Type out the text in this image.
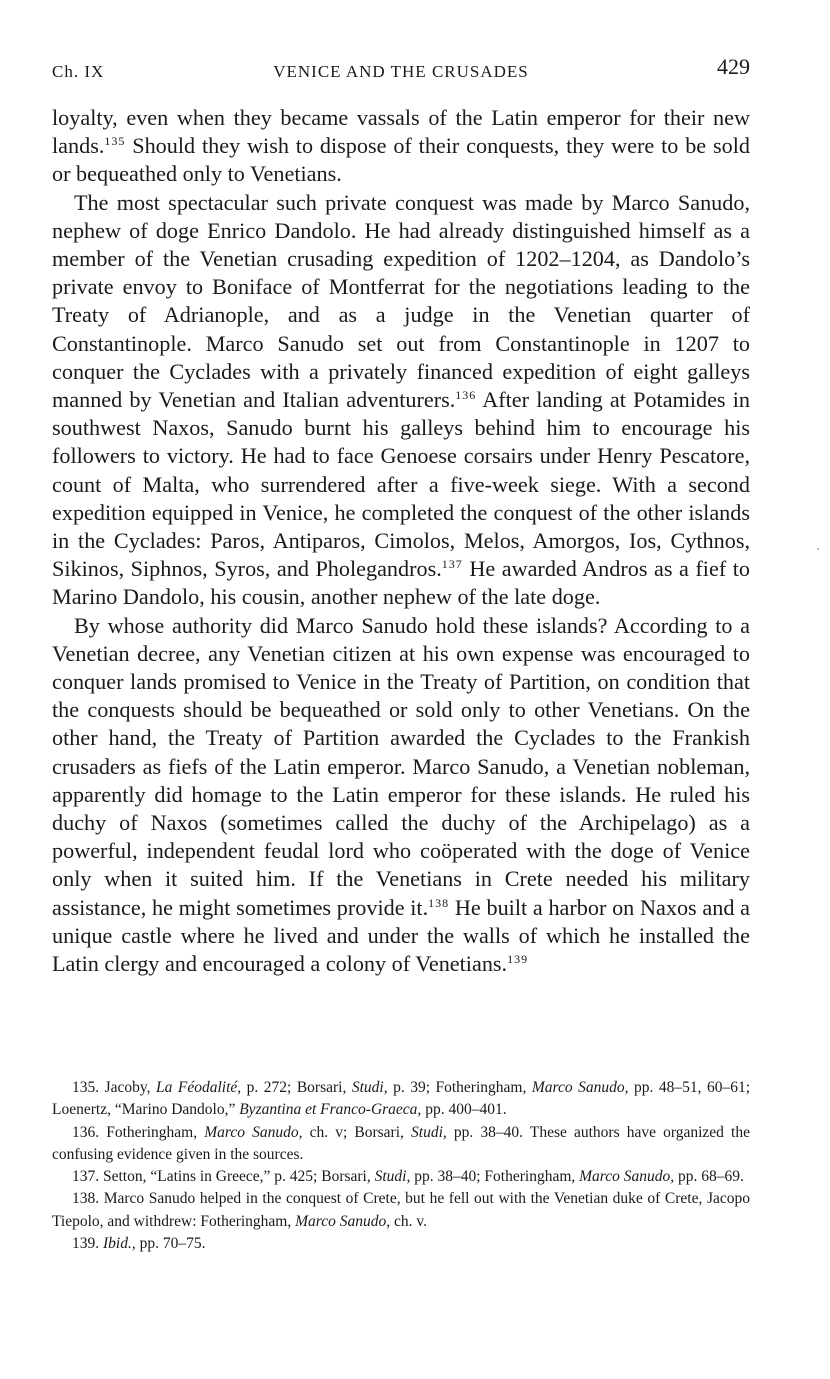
Ch. IX	VENICE AND THE CRUSADES	429

loyalty, even when they became vassals of the Latin emperor for their new lands.$^{135}$ Should they wish to dispose of their conquests, they were to be sold or bequeathed only to Venetians.

The most spectacular such private conquest was made by Marco Sanudo, nephew of doge Enrico Dandolo. He had already distinguished himself as a member of the Venetian crusading expedition of 1202–1204, as Dandolo’s private envoy to Boniface of Montferrat for the negotiations leading to the Treaty of Adrianople, and as a judge in the Venetian quarter of Constantinople. Marco Sanudo set out from Constantinople in 1207 to conquer the Cyclades with a privately financed expedition of eight galleys manned by Venetian and Italian adventurers.$^{136}$ After landing at Potamides in southwest Naxos, Sanudo burnt his galleys behind him to encourage his followers to victory. He had to face Genoese corsairs under Henry Pescatore, count of Malta, who surrendered after a five-week siege. With a second expedition equipped in Venice, he completed the conquest of the other islands in the Cyclades: Paros, Antiparos, Cimolos, Melos, Amorgos, Ios, Cythnos, Sikinos, Siphnos, Syros, and Pholegandros.$^{137}$ He awarded Andros as a fief to Marino Dandolo, his cousin, another nephew of the late doge.

By whose authority did Marco Sanudo hold these islands? According to a Venetian decree, any Venetian citizen at his own expense was encouraged to conquer lands promised to Venice in the Treaty of Partition, on condition that the conquests should be bequeathed or sold only to other Venetians. On the other hand, the Treaty of Partition awarded the Cyclades to the Frankish crusaders as fiefs of the Latin emperor. Marco Sanudo, a Venetian nobleman, apparently did homage to the Latin emperor for these islands. He ruled his duchy of Naxos (sometimes called the duchy of the Archipelago) as a powerful, independent feudal lord who coöperated with the doge of Venice only when it suited him. If the Venetians in Crete needed his military assistance, he might sometimes provide it.$^{138}$ He built a harbor on Naxos and a unique castle where he lived and under the walls of which he installed the Latin clergy and encouraged a colony of Venetians.$^{139}$

135. Jacoby, La Féodalité, p. 272; Borsari, Studi, p. 39; Fotheringham, Marco Sanudo, pp. 48–51, 60–61; Loenertz, “Marino Dandolo,” Byzantina et Franco-Graeca, pp. 400–401.
136. Fotheringham, Marco Sanudo, ch. v; Borsari, Studi, pp. 38–40. These authors have organized the confusing evidence given in the sources.
137. Setton, “Latins in Greece,” p. 425; Borsari, Studi, pp. 38–40; Fotheringham, Marco Sanudo, pp. 68–69.
138. Marco Sanudo helped in the conquest of Crete, but he fell out with the Venetian duke of Crete, Jacopo Tiepolo, and withdrew: Fotheringham, Marco Sanudo, ch. v.
139. Ibid., pp. 70–75.
